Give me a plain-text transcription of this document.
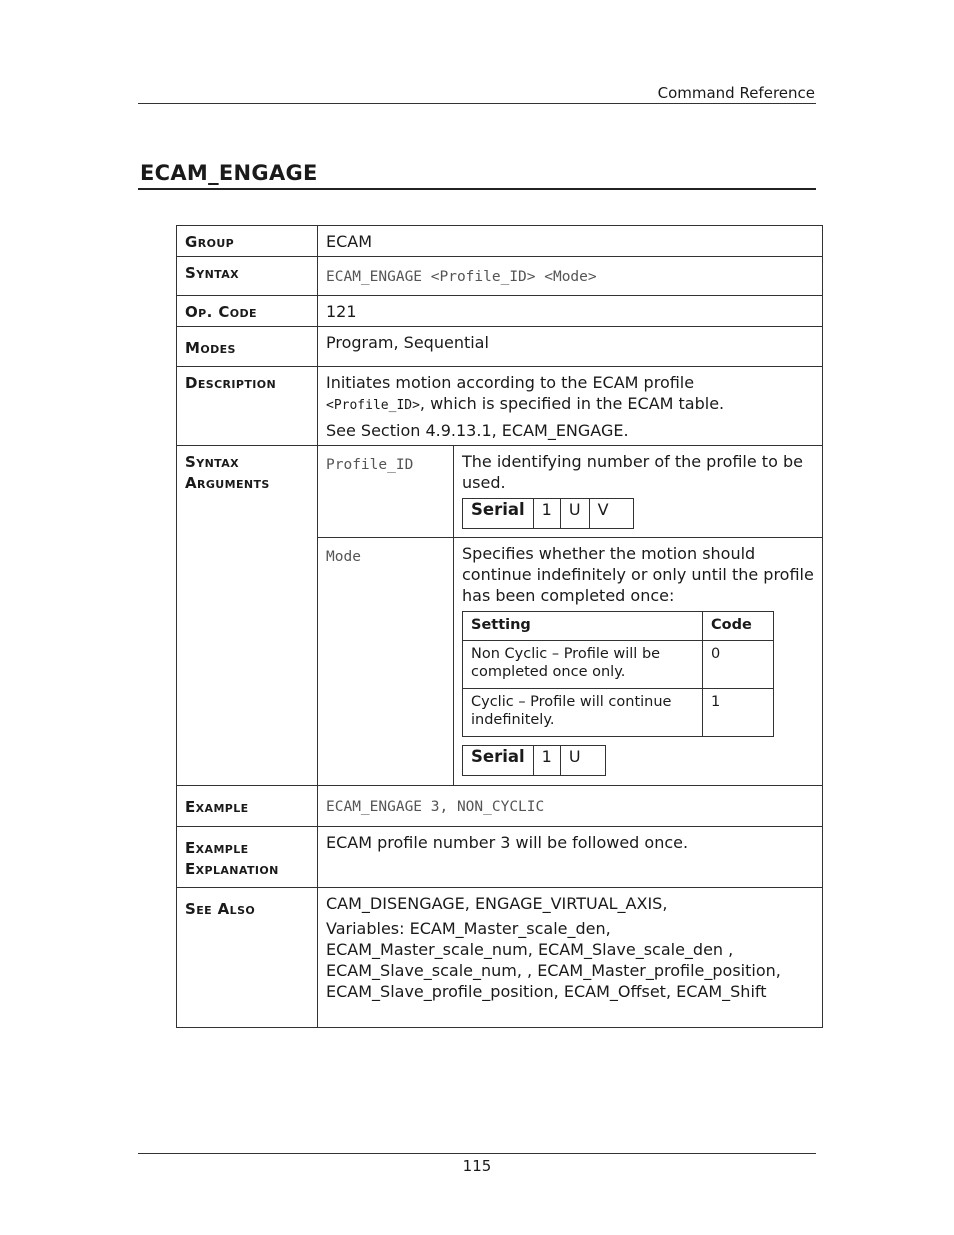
Command Reference
ECAM_ENGAGE
Group	ECAM
Syntax	ECAM_ENGAGE <Profile_ID> <Mode>
Op. Code	121
Modes	Program, Sequential
Description	Initiates motion according to the ECAM profile
<Profile_ID>, which is specified in the ECAM table.
See Section 4.9.13.1, ECAM_ENGAGE.

Syntax
Arguments

Profile_ID	The identifying number of the profile to be used.
Serial	1	U	V

Mode	Specifies whether the motion should continue indefinitely or only until the profile has been completed once:
Setting	Code
Non Cyclic – Profile will be completed once only.	0
Cyclic – Profile will continue indefinitely.	1
Serial	1	U

Example	ECAM_ENGAGE 3, NON_CYCLIC

Example
Explanation
	ECAM profile number 3 will be followed once.
See Also	CAM_DISENGAGE, ENGAGE_VIRTUAL_AXIS,
Variables: ECAM_Master_scale_den, ECAM_Master_scale_num, ECAM_Slave_scale_den , ECAM_Slave_scale_num, , ECAM_Master_profile_position, ECAM_Slave_profile_position, ECAM_Offset, ECAM_Shift
115
